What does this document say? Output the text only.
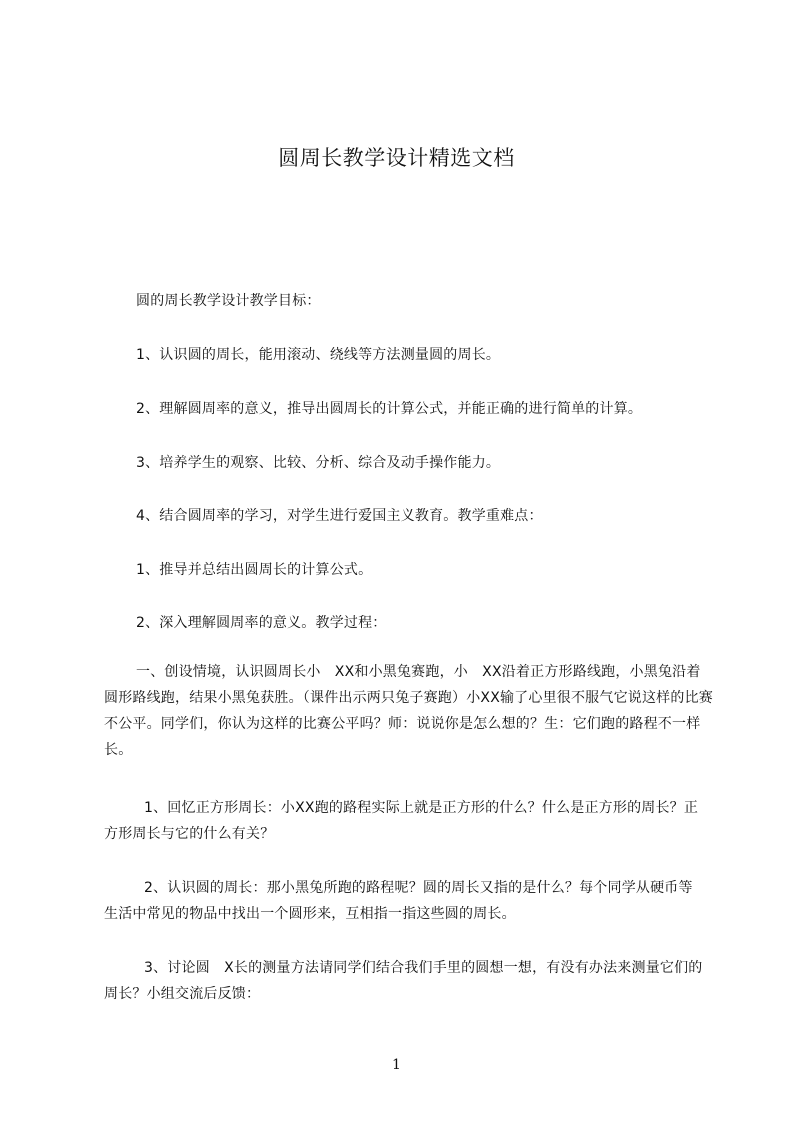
圆周长教学设计精选文档

圆的周长教学设计教学目标：

1、认识圆的周长，能用滚动、绕线等方法测量圆的周长。

2、理解圆周率的意义，推导出圆周长的计算公式，并能正确的进行简单的计算。

3、培养学生的观察、比较、分析、综合及动手操作能力。

4、结合圆周率的学习，对学生进行爱国主义教育。教学重难点：

1、推导并总结出圆周长的计算公式。

2、深入理解圆周率的意义。教学过程：

一、创设情境，认识圆周长小　XX和小黑兔赛跑，小　XX沿着正方形路线跑，小黑兔沿着圆形路线跑，结果小黑兔获胜。（课件出示两只兔子赛跑）小XX输了心里很不服气它说这样的比赛不公平。同学们，你认为这样的比赛公平吗？师：说说你是怎么想的？生：它们跑的路程不一样长。

1、回忆正方形周长：小XX跑的路程实际上就是正方形的什么？什么是正方形的周长？正方形周长与它的什么有关？

2、认识圆的周长：那小黑兔所跑的路程呢？圆的周长又指的是什么？每个同学从硬币等生活中常见的物品中找出一个圆形来，互相指一指这些圆的周长。

3、讨论圆　X长的测量方法请同学们结合我们手里的圆想一想，有没有办法来测量它们的周长？小组交流后反馈：

1
